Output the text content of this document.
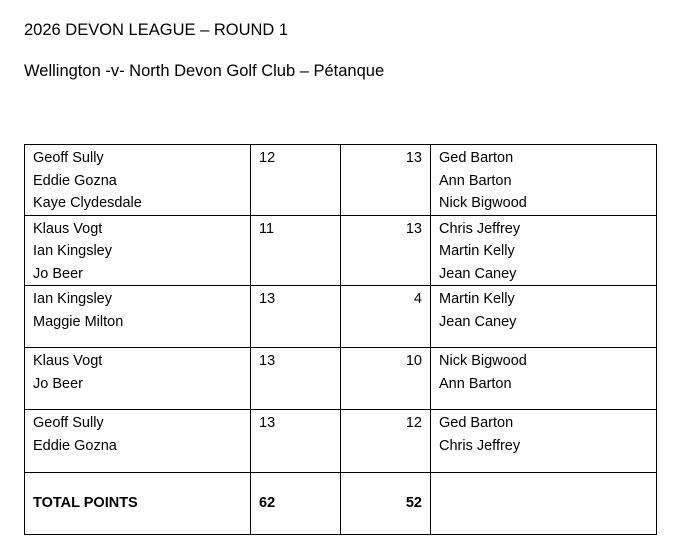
2026 DEVON LEAGUE – ROUND 1
Wellington -v- North Devon Golf Club – Pétanque
Geoff Sully
Eddie Gozna
Kaye Clydesdale	12	13	Ged Barton
Ann Barton
Nick Bigwood

Klaus Vogt
Ian Kingsley
Jo Beer	11	13	Chris Jeffrey
Martin Kelly
Jean Caney

Ian Kingsley
Maggie Milton	13	4	Martin Kelly
Jean Caney

Klaus Vogt
Jo Beer	13	10	Nick Bigwood
Ann Barton

Geoff Sully
Eddie Gozna	13	12	Ged Barton
Chris Jeffrey

TOTAL POINTS	62	52	
